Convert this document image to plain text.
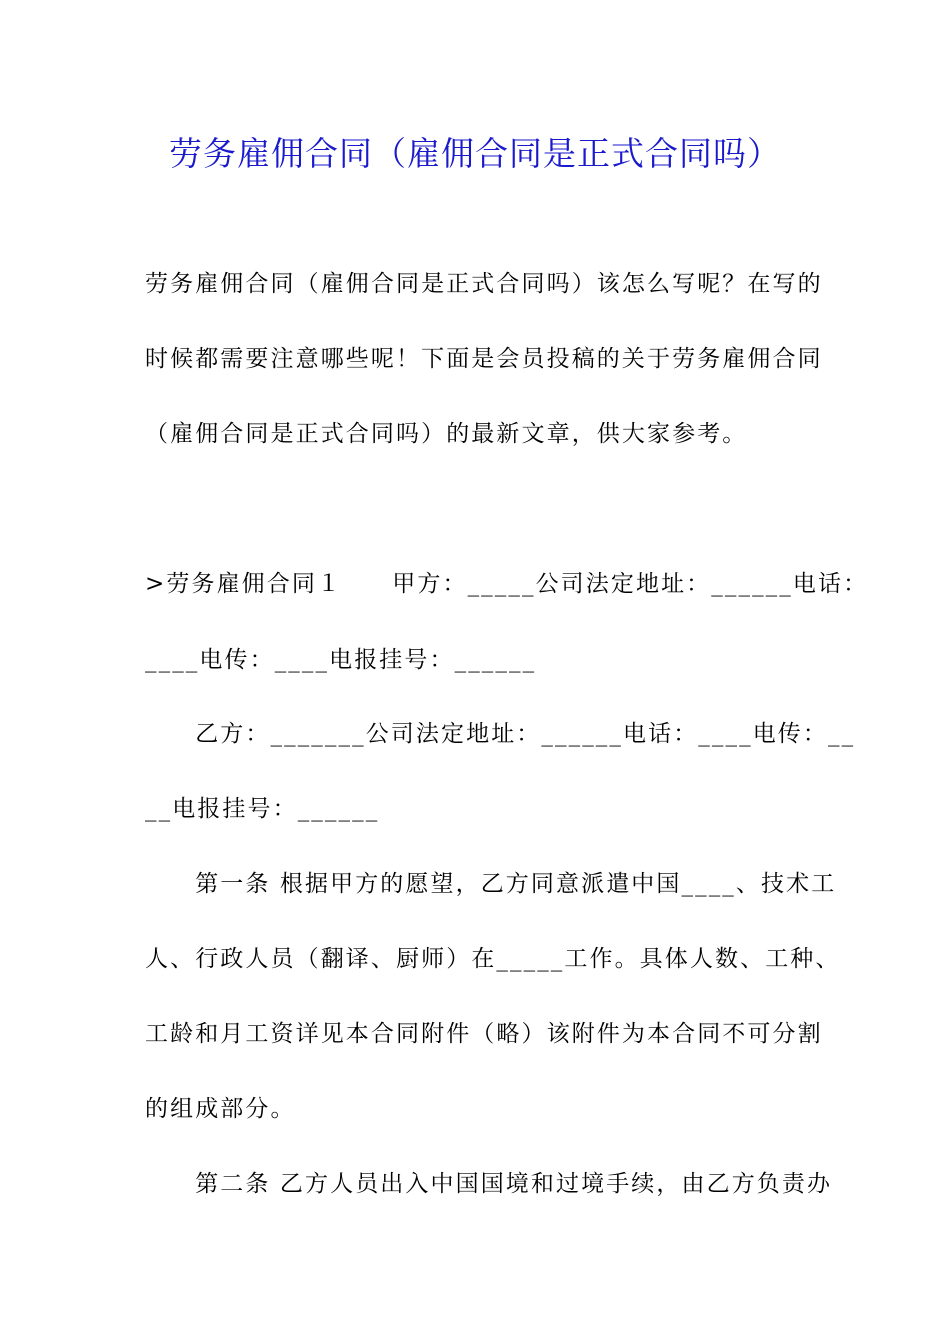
劳务雇佣合同（雇佣合同是正式合同吗）
劳务雇佣合同（雇佣合同是正式合同吗）该怎么写呢？在写的
时候都需要注意哪些呢！下面是会员投稿的关于劳务雇佣合同
（雇佣合同是正式合同吗）的最新文章，供大家参考。
>劳务雇佣合同１　　甲方：_____公司法定地址：______电话：
____电传：____电报挂号：______
　　乙方：_______公司法定地址：______电话：____电传：__
__电报挂号：______
　　第一条 根据甲方的愿望，乙方同意派遣中国____、技术工
人、行政人员（翻译、厨师）在_____工作。具体人数、工种、
工龄和月工资详见本合同附件（略）该附件为本合同不可分割
的组成部分。
　　第二条 乙方人员出入中国国境和过境手续，由乙方负责办
